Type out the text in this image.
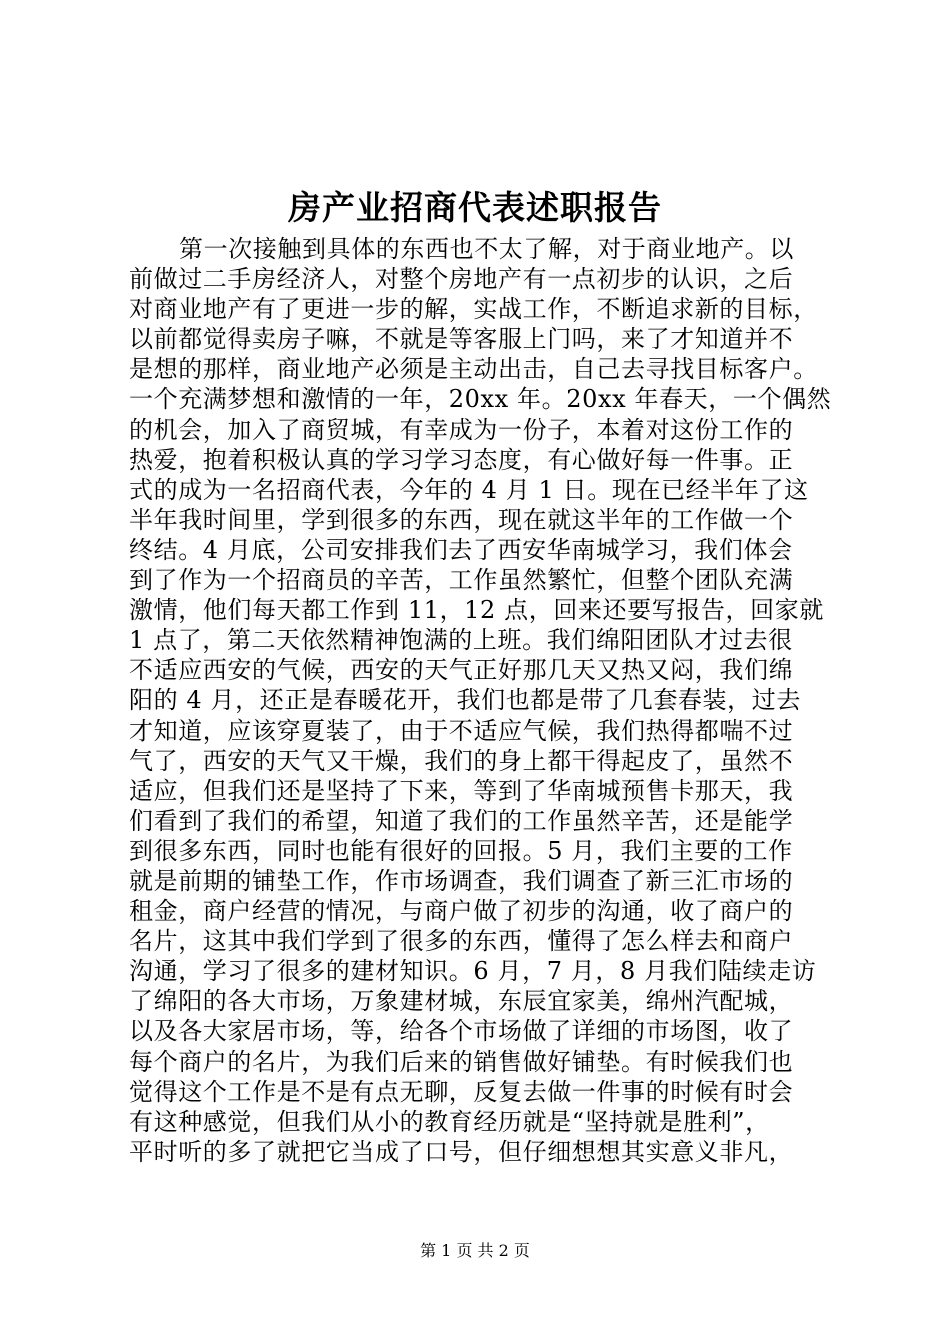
房产业招商代表述职报告
第一次接触到具体的东西也不太了解，对于商业地产。以
前做过二手房经济人，对整个房地产有一点初步的认识，之后
对商业地产有了更进一步的解，实战工作，不断追求新的目标，
以前都觉得卖房子嘛，不就是等客服上门吗，来了才知道并不
是想的那样，商业地产必须是主动出击，自己去寻找目标客户。
一个充满梦想和激情的一年，20xx 年。20xx 年春天，一个偶然
的机会，加入了商贸城，有幸成为一份子，本着对这份工作的
热爱，抱着积极认真的学习学习态度，有心做好每一件事。正
式的成为一名招商代表，今年的 4 月 1 日。现在已经半年了这
半年我时间里，学到很多的东西，现在就这半年的工作做一个
终结。4 月底，公司安排我们去了西安华南城学习，我们体会
到了作为一个招商员的辛苦，工作虽然繁忙，但整个团队充满
激情，他们每天都工作到 11，12 点，回来还要写报告，回家就
1 点了，第二天依然精神饱满的上班。我们绵阳团队才过去很
不适应西安的气候，西安的天气正好那几天又热又闷，我们绵
阳的 4 月，还正是春暖花开，我们也都是带了几套春装，过去
才知道，应该穿夏装了，由于不适应气候，我们热得都喘不过
气了，西安的天气又干燥，我们的身上都干得起皮了，虽然不
适应，但我们还是坚持了下来，等到了华南城预售卡那天，我
们看到了我们的希望，知道了我们的工作虽然辛苦，还是能学
到很多东西，同时也能有很好的回报。5 月，我们主要的工作
就是前期的铺垫工作，作市场调查，我们调查了新三汇市场的
租金，商户经营的情况，与商户做了初步的沟通，收了商户的
名片，这其中我们学到了很多的东西，懂得了怎么样去和商户
沟通，学习了很多的建材知识。6 月，7 月，8 月我们陆续走访
了绵阳的各大市场，万象建材城，东辰宜家美，绵州汽配城，
以及各大家居市场，等，给各个市场做了详细的市场图，收了
每个商户的名片，为我们后来的销售做好铺垫。有时候我们也
觉得这个工作是不是有点无聊，反复去做一件事的时候有时会
有这种感觉，但我们从小的教育经历就是“坚持就是胜利”，
平时听的多了就把它当成了口号，但仔细想想其实意义非凡，
第 1 页 共 2 页
